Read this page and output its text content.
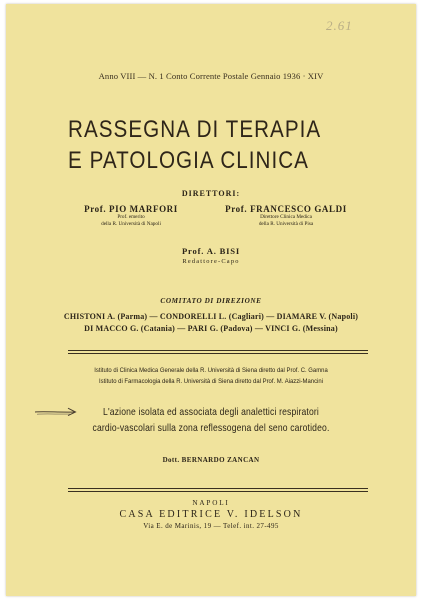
2.61
Anno VIII — N. 1 Conto Corrente Postale Gennaio 1936 · XIV
RASSEGNA DI TERAPIA
E PATOLOGIA CLINICA
DIRETTORI:
Prof. PIO MARFORI
Prof. emerito
della R. Università di Napoli
Prof. FRANCESCO GALDI
Direttore Clinica Medica
della R. Università di Pisa
Prof. A. BISI
Redattore-Capo
COMITATO DI DIREZIONE
CHISTONI A. (Parma) — CONDORELLI L. (Cagliari) — DIAMARE V. (Napoli)
DI MACCO G. (Catania) — PARI G. (Padova) — VINCI G. (Messina)
Istituto di Clinica Medica Generale della R. Università di Siena diretto dal Prof. C. Gamna
Istituto di Farmacologia della R. Università di Siena diretto dal Prof. M. Aiazzi-Mancini
L'azione isolata ed associata degli analettici respiratori
cardio-vascolari sulla zona reflessogena del seno carotideo.
Dott. BERNARDO ZANCAN
NAPOLI
CASA EDITRICE V. IDELSON
Via E. de Marinis, 19 — Telef. int. 27-495
